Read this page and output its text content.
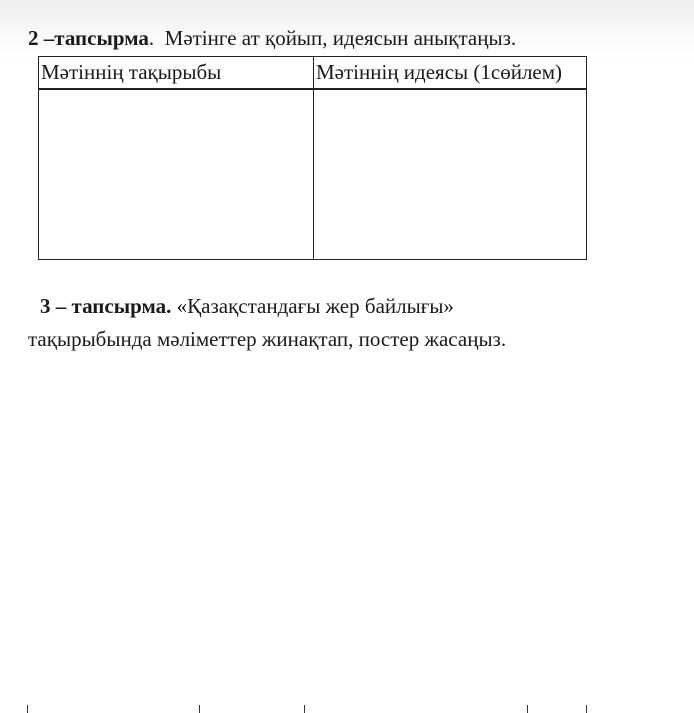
2 –тапсырма.  Мәтінге ат қойып, идеясын анықтаңыз.
Мәтіннің тақырыбы	Мәтіннің идеясы (1сөйлем)

3 – тапсырма. «Қазақстандағы жер байлығы»
тақырыбында мәліметтер жинақтап, постер жасаңыз.
